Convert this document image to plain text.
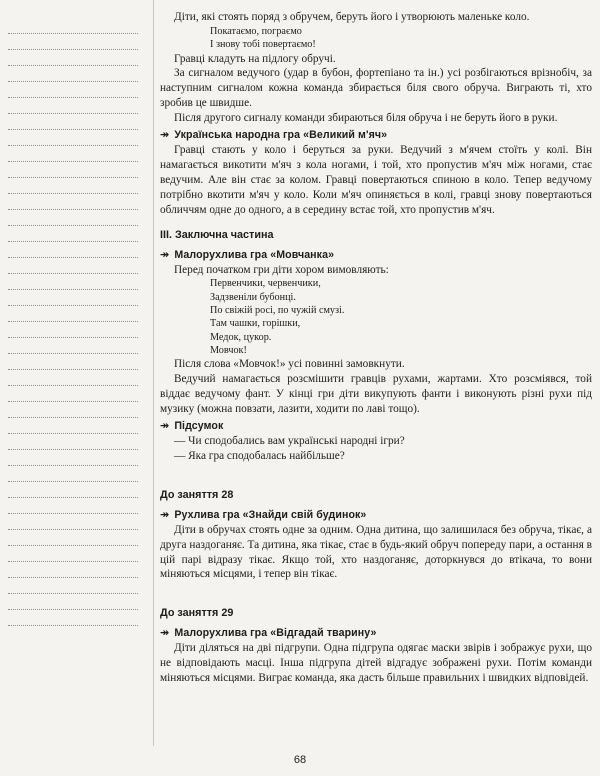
Діти, які стоять поряд з обручем, беруть його і утворюють маленьке коло.

Покатаємо, пограємо
І знову тобі повертаємо!

Гравці кладуть на підлогу обручі.

За сигналом ведучого (удар в бубон, фортепіано та ін.) усі розбігаються врізнобіч, за наступним сигналом кожна команда збирається біля свого обруча. Виграють ті, хто зробив це швидше.

Після другого сигналу команди збираються біля обруча і не беруть його в руки.

↠ Українська народна гра «Великий м'яч»

Гравці стають у коло і беруться за руки. Ведучий з м'ячем стоїть у колі. Він намагається викотити м'яч з кола ногами, і той, хто пропустив м'яч між ногами, стає ведучим. Але він стає за колом. Гравці повертаються спиною в коло. Тепер ведучому потрібно вкотити м'яч у коло. Коли м'яч опиняється в колі, гравці знову повертаються обличчям одне до одного, а в середину встає той, хто пропустив м'яч.

III. Заключна частина
↠ Малорухлива гра «Мовчанка»

Перед початком гри діти хором вимовляють:

Первенчики, червенчики,
Задзвеніли бубонці.
По свіжій росі, по чужій смузі.
Там чашки, горішки,
Медок, цукор.
Мовчок!

Після слова «Мовчок!» усі повинні замовкнути.

Ведучий намагається розсмішити гравців рухами, жартами. Хто розсміявся, той віддає ведучому фант. У кінці гри діти викупують фанти і виконують різні рухи під музику (можна повзати, лазити, ходити по лаві тощо).

↠ Підсумок

— Чи сподобались вам українські народні ігри?

— Яка гра сподобалась найбільше?

До заняття 28
↠ Рухлива гра «Знайди свій будинок»

Діти в обручах стоять одне за одним. Одна дитина, що залишилася без обруча, тікає, а друга наздоганяє. Та дитина, яка тікає, стає в будь-який обруч попереду пари, а остання в цій парі відразу тікає. Якщо той, хто наздоганяє, доторкнувся до втікача, то вони міняються місцями, і тепер він тікає.

До заняття 29
↠ Малорухлива гра «Відгадай тварину»

Діти діляться на дві підгрупи. Одна підгрупа одягає маски звірів і зображує рухи, що не відповідають масці. Інша підгрупа дітей відгадує зображені рухи. Потім команди міняються місцями. Виграє команда, яка дасть більше правильних і швидких відповідей.

68
